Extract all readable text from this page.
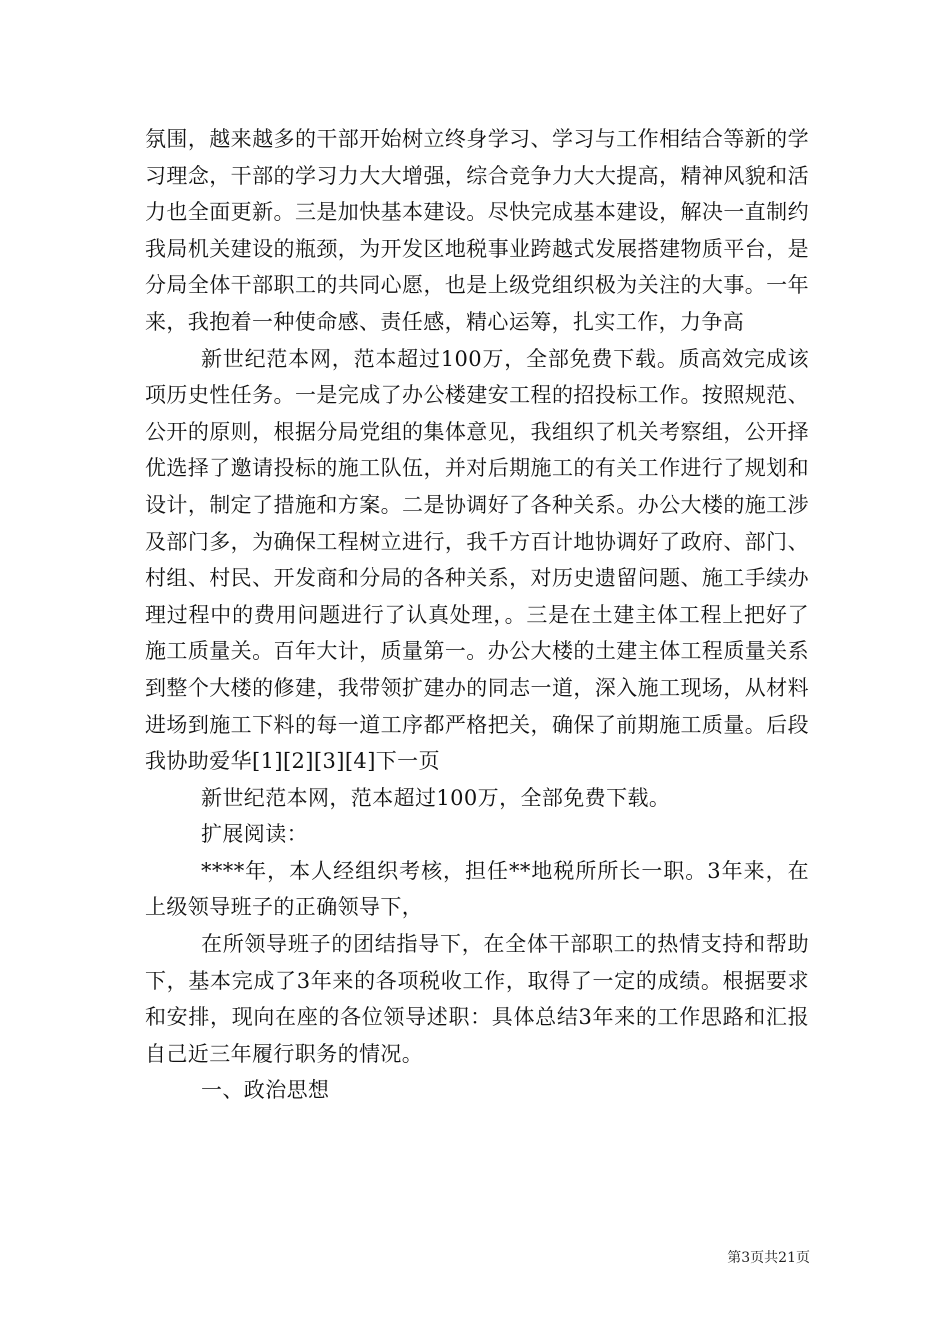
氛围，越来越多的干部开始树立终身学习、学习与工作相结合等新的学习理念，干部的学习力大大增强，综合竞争力大大提高，精神风貌和活力也全面更新。三是加快基本建设。尽快完成基本建设，解决一直制约我局机关建设的瓶颈，为开发区地税事业跨越式发展搭建物质平台，是分局全体干部职工的共同心愿，也是上级党组织极为关注的大事。一年来，我抱着一种使命感、责任感，精心运筹，扎实工作，力争高

新世纪范本网，范本超过100万，全部免费下载。质高效完成该项历史性任务。一是完成了办公楼建安工程的招投标工作。按照规范、公开的原则，根据分局党组的集体意见，我组织了机关考察组，公开择优选择了邀请投标的施工队伍，并对后期施工的有关工作进行了规划和设计，制定了措施和方案。二是协调好了各种关系。办公大楼的施工涉及部门多，为确保工程树立进行，我千方百计地协调好了政府、部门、村组、村民、开发商和分局的各种关系，对历史遗留问题、施工手续办理过程中的费用问题进行了认真处理，。三是在土建主体工程上把好了施工质量关。百年大计，质量第一。办公大楼的土建主体工程质量关系到整个大楼的修建，我带领扩建办的同志一道，深入施工现场，从材料进场到施工下料的每一道工序都严格把关，确保了前期施工质量。后段我协助爱华[1][2][3][4]下一页

新世纪范本网，范本超过100万，全部免费下载。

扩展阅读：

****年，本人经组织考核，担任**地税所所长一职。3年来，在上级领导班子的正确领导下，

在所领导班子的团结指导下，在全体干部职工的热情支持和帮助下，基本完成了3年来的各项税收工作，取得了一定的成绩。根据要求和安排，现向在座的各位领导述职：具体总结3年来的工作思路和汇报自己近三年履行职务的情况。

一、政治思想

第3页共21页
